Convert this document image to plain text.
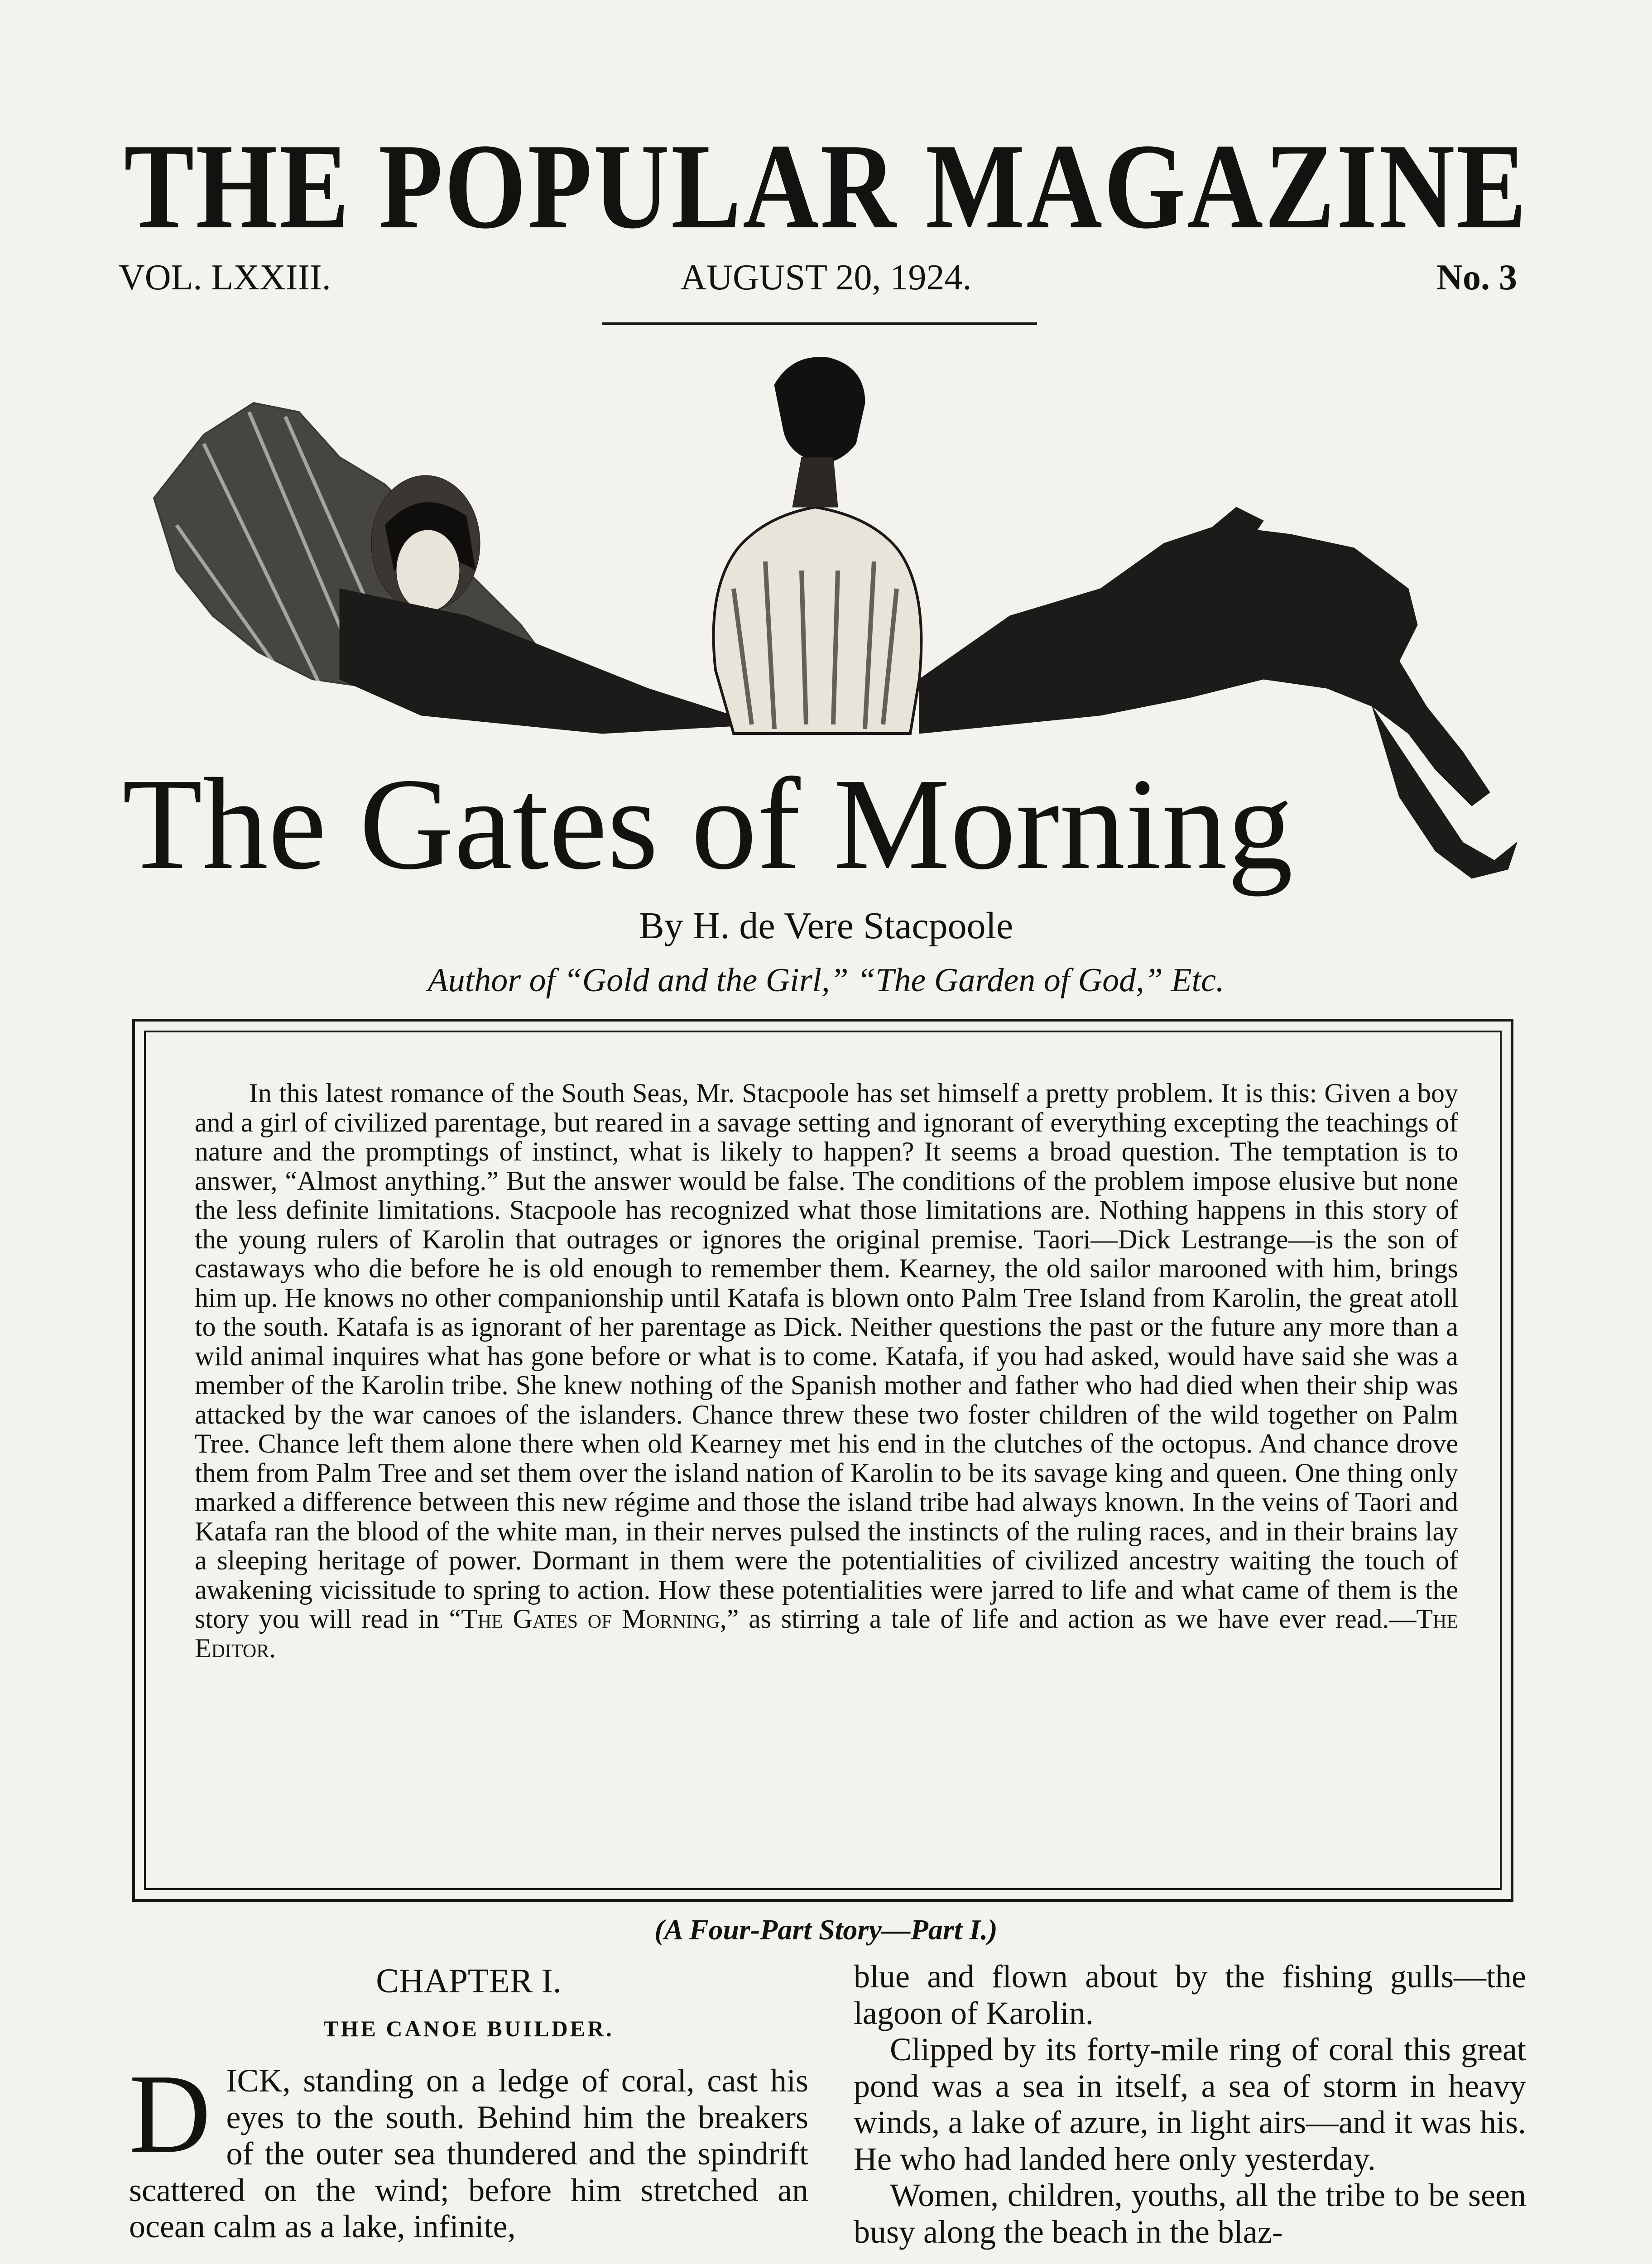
THE POPULAR MAGAZINE
VOL. LXXIII.	AUGUST 20, 1924.	No. 3
The Gates of Morning
By H. de Vere Stacpoole
Author of “Gold and the Girl,” “The Garden of God,” Etc.

In this latest romance of the South Seas, Mr. Stacpoole has set himself a pretty problem. It is this: Given a boy and a girl of civilized parentage, but reared in a savage setting and ignorant of everything excepting the teachings of nature and the promptings of instinct, what is likely to happen? It seems a broad question. The temptation is to answer, “Almost anything.” But the answer would be false. The conditions of the problem impose elusive but none the less definite limitations. Stacpoole has recognized what those limitations are. Nothing happens in this story of the young rulers of Karolin that outrages or ignores the original premise. Taori—Dick Lestrange—is the son of castaways who die before he is old enough to remember them. Kearney, the old sailor marooned with him, brings him up. He knows no other companionship until Katafa is blown onto Palm Tree Island from Karolin, the great atoll to the south. Katafa is as ignorant of her parentage as Dick. Neither questions the past or the future any more than a wild animal inquires what has gone before or what is to come. Katafa, if you had asked, would have said she was a member of the Karolin tribe. She knew nothing of the Spanish mother and father who had died when their ship was attacked by the war canoes of the islanders. Chance threw these two foster children of the wild together on Palm Tree. Chance left them alone there when old Kearney met his end in the clutches of the octopus. And chance drove them from Palm Tree and set them over the island nation of Karolin to be its savage king and queen. One thing only marked a difference between this new régime and those the island tribe had always known. In the veins of Taori and Katafa ran the blood of the white man, in their nerves pulsed the instincts of the ruling races, and in their brains lay a sleeping heritage of power. Dormant in them were the potentialities of civilized ancestry waiting the touch of awakening vicissitude to spring to action. How these potentialities were jarred to life and what came of them is the story you will read in “The Gates of Morning,” as stirring a tale of life and action as we have ever read.—The Editor.

(A Four-Part Story—Part I.)
CHAPTER I.
THE CANOE BUILDER.

DICK, standing on a ledge of coral, cast his eyes to the south. Behind him the breakers of the outer sea thundered and the spindrift scattered on the wind; before him stretched an ocean calm as a lake, infinite,

blue and flown about by the fishing gulls—the lagoon of Karolin.

Clipped by its forty-mile ring of coral this great pond was a sea in itself, a sea of storm in heavy winds, a lake of azure, in light airs—and it was his. He who had landed here only yesterday.

Women, children, youths, all the tribe to be seen busy along the beach in the blaz-
